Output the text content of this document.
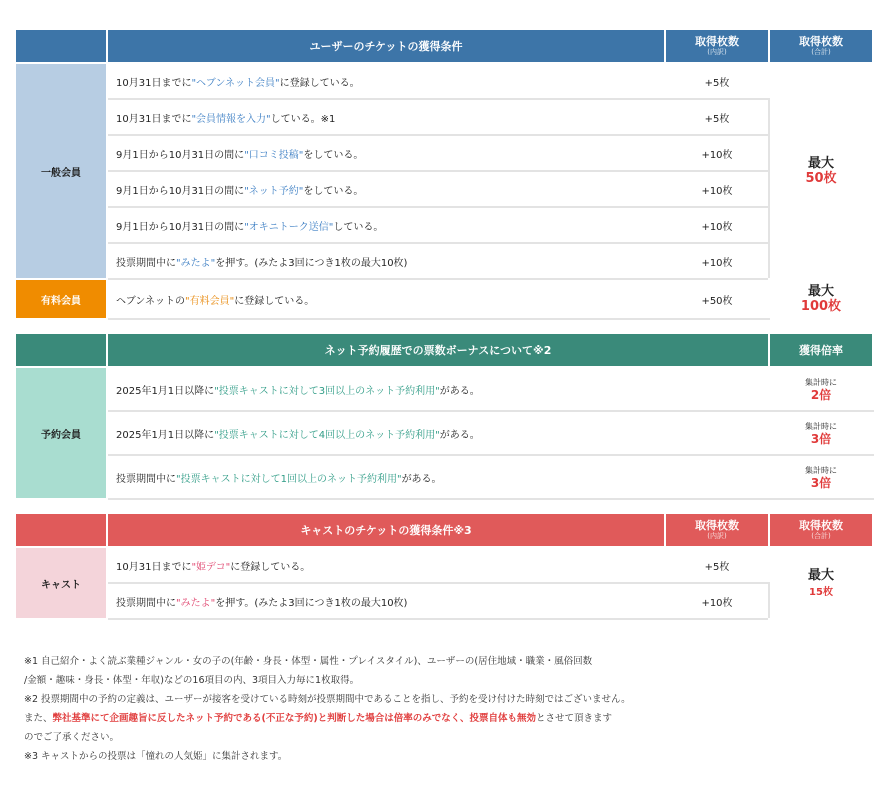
	ユーザーのチケットの獲得条件	取得枚数
(内訳)	取得枚数
(合計)

一般会員	10月31日までに"ヘブンネット会員"に登録している。	+5枚	最大
50枚

	10月31日までに"会員情報を入力"している。※1	+5枚	
	9月1日から10月31日の間に"口コミ投稿"をしている。	+10枚	
	9月1日から10月31日の間に"ネット予約"をしている。	+10枚	
	9月1日から10月31日の間に"オキニトーク送信"している。	+10枚	
	投票期間中に"みたよ"を押す。(みたよ3回につき1枚の最大10枚)	+10枚	
有料会員	ヘブンネットの"有料会員"に登録している。	+50枚	最大
100枚
	ネット予約履歴での票数ボーナスについて※2	獲得倍率
予約会員	2025年1月1日以降に"投票キャストに対して3回以上のネット予約利用"がある。	集計時に
2倍

	2025年1月1日以降に"投票キャストに対して4回以上のネット予約利用"がある。	集計時に
3倍

	投票期間中に"投票キャストに対して1回以上のネット予約利用"がある。	集計時に
3倍
	キャストのチケットの獲得条件※3	取得枚数
(内訳)	取得枚数
(合計)

キャスト	10月31日までに"姫デコ"に登録している。	+5枚	最大
15枚
	投票期間中に"みたよ"を押す。(みたよ3回につき1枚の最大10枚)	+10枚	

※1 自己紹介・よく読ぶ業種ジャンル・女の子の(年齢・身長・体型・属性・プレイスタイル)、ユーザーの(居住地域・職業・風俗回数

/金額・趣味・身長・体型・年収)などの16項目の内、3項目入力毎に1枚取得。

※2 投票期間中の予約の定義は、ユーザーが接客を受けている時刻が投票期間中であることを指し、予約を受け付けた時刻ではございません。

また、弊社基準にて企画趣旨に反したネット予約である(不正な予約)と判断した場合は倍率のみでなく、投票自体も無効とさせて頂きます

のでご了承ください。

※3 キャストからの投票は「憧れの人気姫」に集計されます。
